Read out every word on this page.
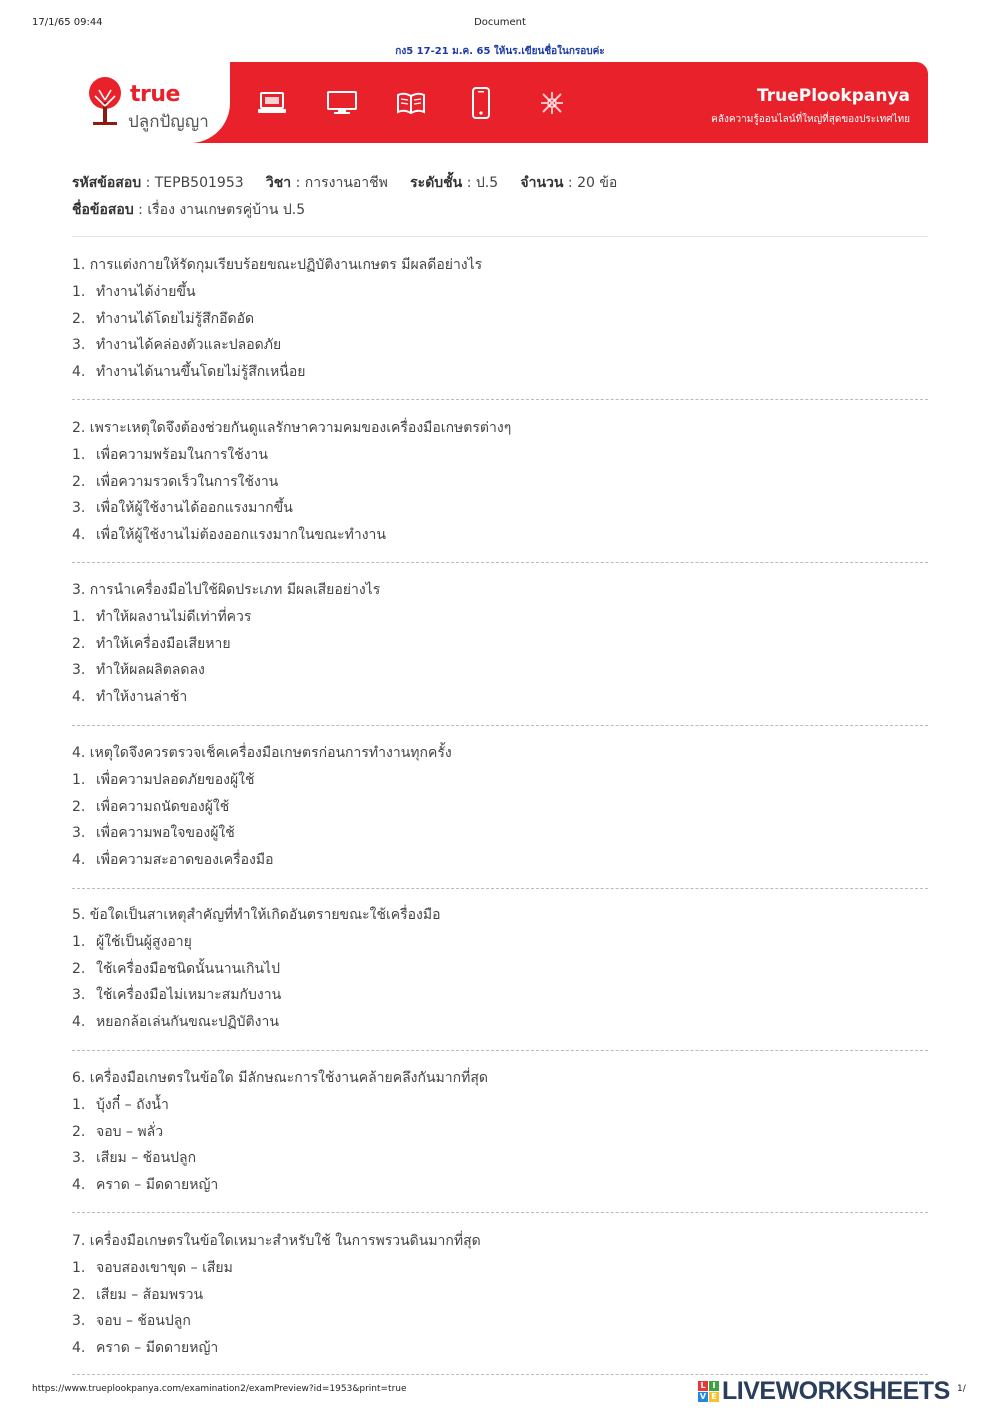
17/1/65 09:44	Document
กง5 17-21 ม.ค. 65 ให้นร.เขียนชื่อในกรอบค่ะ
true
ปลูกปัญญา
TruePlookpanya
คลังความรู้ออนไลน์ที่ใหญ่ที่สุดของประเทศไทย
รหัสข้อสอบ : TEPB501953 วิชา : การงานอาชีพ ระดับชั้น : ป.5 จำนวน : 20 ข้อ
ชื่อข้อสอบ : เรื่อง งานเกษตรคู่บ้าน ป.5
1. การแต่งกายให้รัดกุมเรียบร้อยขณะปฏิบัติงานเกษตร มีผลดีอย่างไร
1. ทำงานได้ง่ายขึ้น
2. ทำงานได้โดยไม่รู้สึกอึดอัด
3. ทำงานได้คล่องตัวและปลอดภัย
4. ทำงานได้นานขึ้นโดยไม่รู้สึกเหนื่อย
2. เพราะเหตุใดจึงต้องช่วยกันดูแลรักษาความคมของเครื่องมือเกษตรต่างๆ
1. เพื่อความพร้อมในการใช้งาน
2. เพื่อความรวดเร็วในการใช้งาน
3. เพื่อให้ผู้ใช้งานได้ออกแรงมากขึ้น
4. เพื่อให้ผู้ใช้งานไม่ต้องออกแรงมากในขณะทำงาน
3. การนำเครื่องมือไปใช้ผิดประเภท มีผลเสียอย่างไร
1. ทำให้ผลงานไม่ดีเท่าที่ควร
2. ทำให้เครื่องมือเสียหาย
3. ทำให้ผลผลิตลดลง
4. ทำให้งานล่าช้า
4. เหตุใดจึงควรตรวจเช็คเครื่องมือเกษตรก่อนการทำงานทุกครั้ง
1. เพื่อความปลอดภัยของผู้ใช้
2. เพื่อความถนัดของผู้ใช้
3. เพื่อความพอใจของผู้ใช้
4. เพื่อความสะอาดของเครื่องมือ
5. ข้อใดเป็นสาเหตุสำคัญที่ทำให้เกิดอันตรายขณะใช้เครื่องมือ
1. ผู้ใช้เป็นผู้สูงอายุ
2. ใช้เครื่องมือชนิดนั้นนานเกินไป
3. ใช้เครื่องมือไม่เหมาะสมกับงาน
4. หยอกล้อเล่นกันขณะปฏิบัติงาน
6. เครื่องมือเกษตรในข้อใด มีลักษณะการใช้งานคล้ายคลึงกันมากที่สุด
1. บุ้งกี๋ – ถังน้ำ
2. จอบ – พลั่ว
3. เสียม – ช้อนปลูก
4. คราด – มีดดายหญ้า
7. เครื่องมือเกษตรในข้อใดเหมาะสำหรับใช้ ในการพรวนดินมากที่สุด
1. จอบสองเขาขุด – เสียม
2. เสียม – ส้อมพรวน
3. จอบ – ช้อนปลูก
4. คราด – มีดดายหญ้า
https://www.trueplookpanya.com/examination2/examPreview?id=1953&print=true	L I
V E LIVEWORKSHEETS 1/
